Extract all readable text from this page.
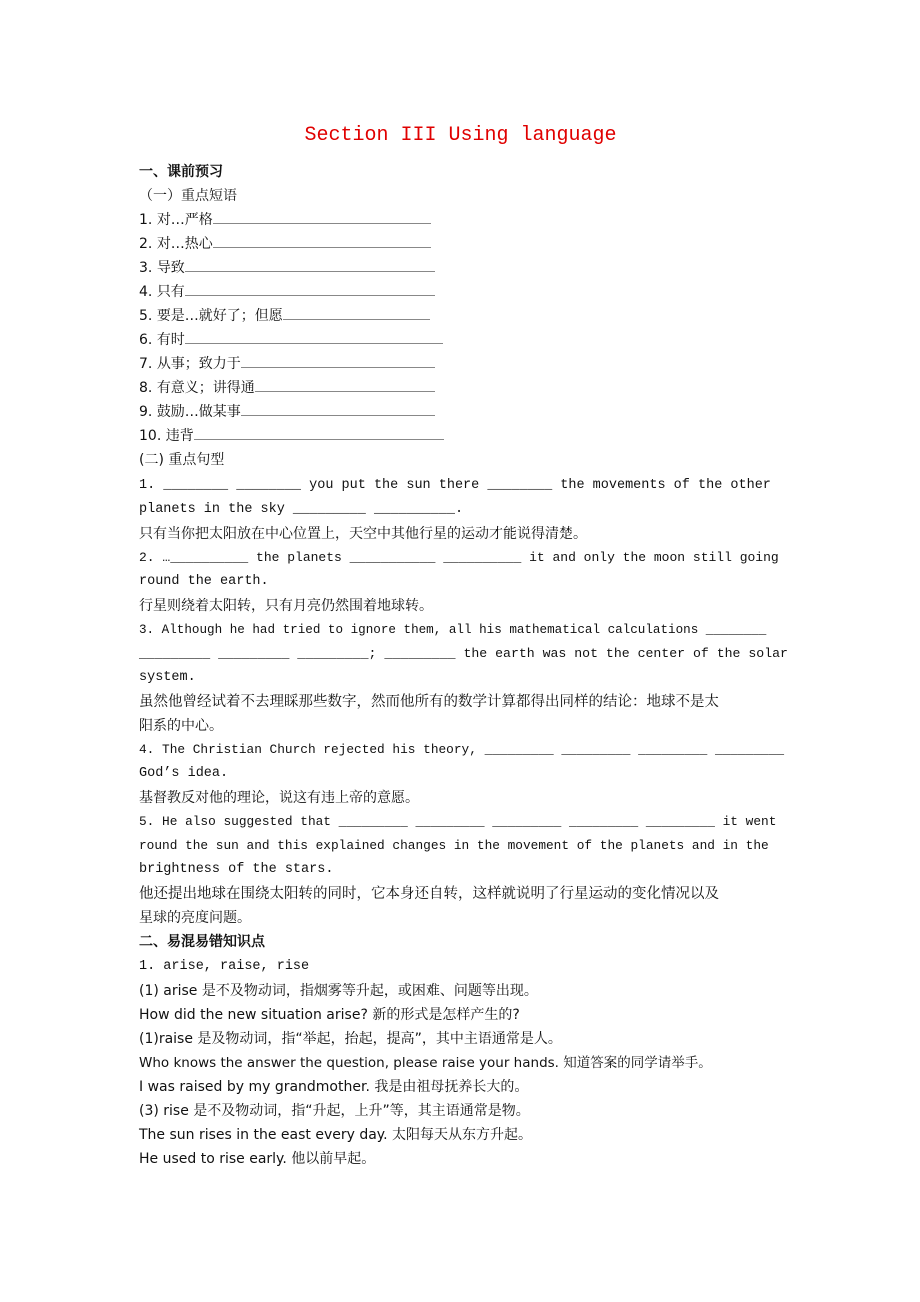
Section III Using language
一、课前预习
（一）重点短语
1. 对…严格
2. 对…热心
3. 导致
4. 只有
5. 要是…就好了；但愿
6. 有时
7. 从事；致力于
8. 有意义；讲得通
9. 鼓励…做某事
10. 违背
(二) 重点句型
1. ________ ________ you put the sun there ________ the movements of the other
planets in the sky _________ __________.
只有当你把太阳放在中心位置上，天空中其他行星的运动才能说得清楚。
2. …__________ the planets ___________ __________ it and only the moon still going
round the earth.
行星则绕着太阳转，只有月亮仍然围着地球转。
3. Although he had tried to ignore them, all his mathematical calculations ________
_________ _________ _________; _________ the earth was not the center of the solar
system.
虽然他曾经试着不去理睬那些数字，然而他所有的数学计算都得出同样的结论：地球不是太
阳系的中心。
4. The Christian Church rejected his theory, _________ _________ _________ _________
God’s idea.
基督教反对他的理论，说这有违上帝的意愿。
5. He also suggested that _________ _________ _________ _________ _________ it went
round the sun and this explained changes in the movement of the planets and in the
brightness of the stars.
他还提出地球在围绕太阳转的同时，它本身还自转，这样就说明了行星运动的变化情况以及
星球的亮度问题。
二、易混易错知识点
1. arise, raise, rise
(1) arise 是不及物动词，指烟雾等升起，或困难、问题等出现。
How did the new situation arise? 新的形式是怎样产生的?
(1)raise 是及物动词，指“举起，抬起，提高”，其中主语通常是人。
Who knows the answer the question, please raise your hands. 知道答案的同学请举手。
I was raised by my grandmother. 我是由祖母抚养长大的。
(3) rise 是不及物动词，指“升起，上升”等，其主语通常是物。
The sun rises in the east every day. 太阳每天从东方升起。
He used to rise early. 他以前早起。
